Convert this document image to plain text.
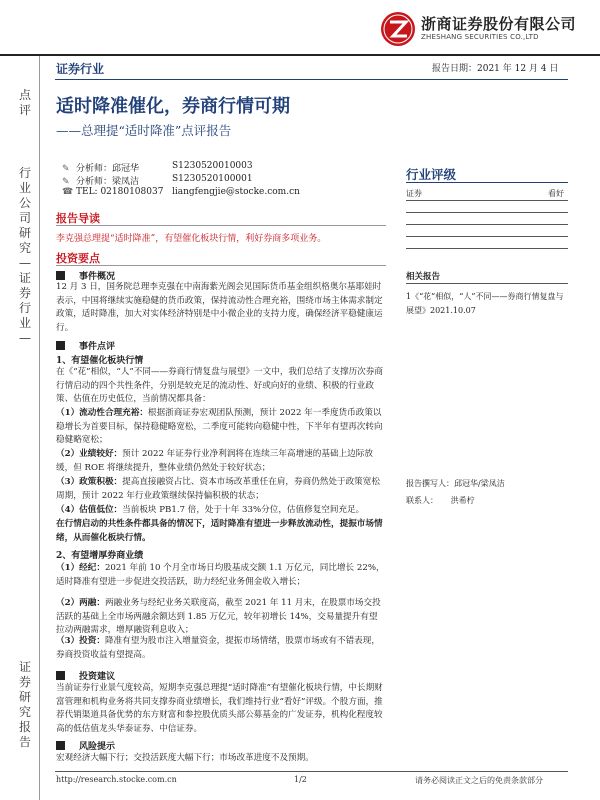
浙商证券股份有限公司
ZHESHANG SECURITIES CO.,LTD
证券行业	报告日期：2021 年 12 月 4 日
点评
行业公司研究—证券行业—
证券研究报告
适时降准催化，券商行情可期
——总理提“适时降准”点评报告
✎ 分析师：邱冠华	S1230520010003
✎ 分析师：梁凤洁	S1230520100001
☎ TEL: 02180108037 liangfengjie@stocke.com.cn
行业评级
证券	看好
相关报告
1《“花”相似，“人”不同——券商行情复盘与展望》2021.10.07
报告撰写人：邱冠华/梁凤洁
联系人： 洪希柠
报告导读
李克强总理提“适时降准”，有望催化板块行情，利好券商多项业务。
投资要点
事件概况
12 月 3 日，国务院总理李克强在中南海紫光阁会见国际货币基金组织格奥尔基耶娃时表示，中国将继续实施稳健的货币政策，保持流动性合理充裕，围绕市场主体需求制定政策，适时降准，加大对实体经济特别是中小微企业的支持力度，确保经济平稳健康运行。
事件点评
1、有望催化板块行情
在《“花”相似，“人”不同——券商行情复盘与展望》一文中，我们总结了支撑历次券商行情启动的四个共性条件，分别是较充足的流动性、好或向好的业绩、积极的行业政策、估值在历史低位，当前情况都具备：
（1）流动性合理充裕：根据浙商证券宏观团队预测，预计 2022 年一季度货币政策以稳增长为首要目标，保持稳健略宽松，二季度可能转向稳健中性，下半年有望再次转向稳健略宽松；
（2）业绩较好：预计 2022 年证券行业净利润将在连续三年高增速的基础上边际放缓，但 ROE 将继续提升，整体业绩仍然处于较好状态；
（3）政策积极：提高直接融资占比、资本市场改革重任在肩，券商仍然处于政策宽松周期，预计 2022 年行业政策继续保持偏积极的状态；
（4）估值低位：当前板块 PB1.7 倍，处于十年 33%分位，估值修复空间充足。
在行情启动的共性条件都具备的情况下，适时降准有望进一步释放流动性，提振市场情绪，从而催化板块行情。
2、有望增厚券商业绩
（1）经纪：2021 年前 10 个月全市场日均股基成交额 1.1 万亿元，同比增长 22%，适时降准有望进一步促进交投活跃，助力经纪业务佣金收入增长；
（2）两融：两融业务与经纪业务关联度高，截至 2021 年 11 月末，在股票市场交投活跃的基础上全市场两融余额达到 1.85 万亿元，较年初增长 14%，交易量提升有望拉动两融需求，增厚融资利息收入；
（3）投资：降准有望为股市注入增量资金，提振市场情绪，股票市场或有不错表现，券商投资收益有望提高。
投资建议
当前证券行业景气度较高，短期李克强总理提“适时降准”有望催化板块行情，中长期财富管理和机构业务将共同支撑券商业绩增长，我们维持行业“看好”评级。个股方面，推荐代销渠道具备优势的东方财富和参控股优质头部公募基金的广发证券，机构化程度较高的低估值龙头华泰证券、中信证券。
风险提示
宏观经济大幅下行；交投活跃度大幅下行；市场改革进度不及预期。
http://research.stocke.com.cn	1/2	请务必阅读正文之后的免责条款部分
